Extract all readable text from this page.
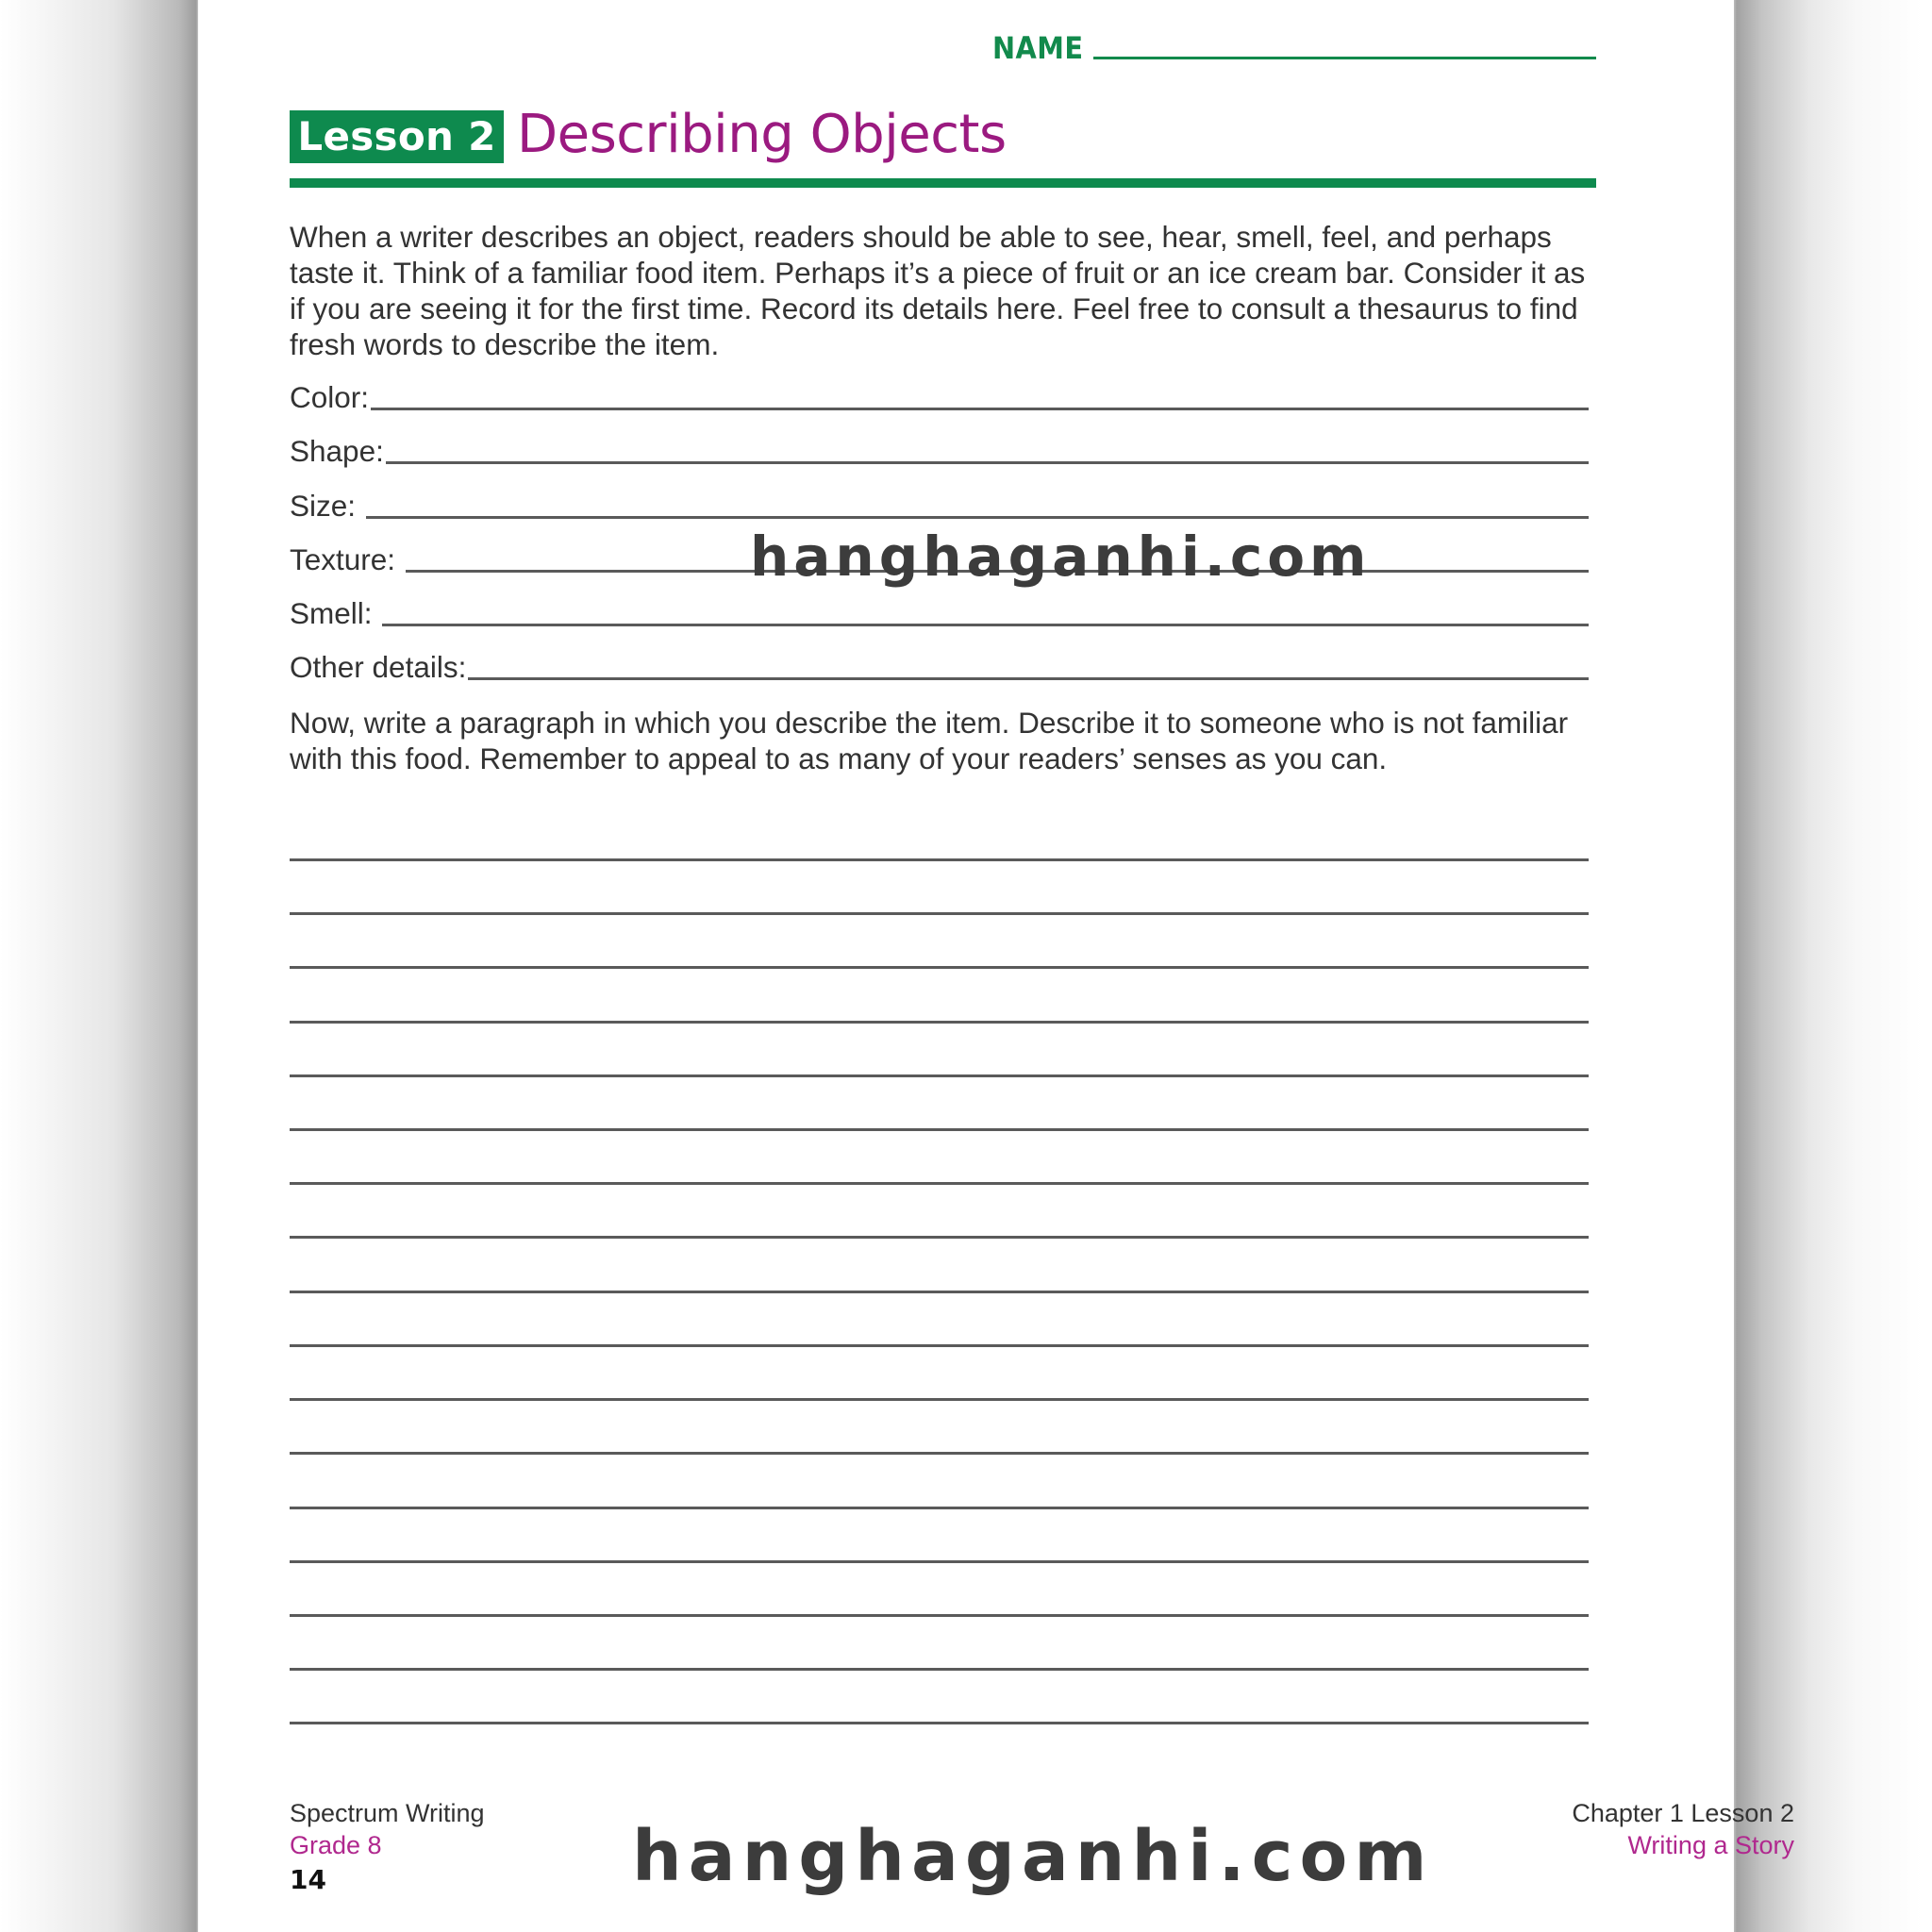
NAME
Lesson 2 Describing Objects
When a writer describes an object, readers should be able to see, hear, smell, feel, and perhaps taste it. Think of a familiar food item. Perhaps it’s a piece of fruit or an ice cream bar. Consider it as if you are seeing it for the first time. Record its details here. Feel free to consult a thesaurus to find fresh words to describe the item.
Color:
Shape:
Size:
Texture:
Smell:
Other details:
Now, write a paragraph in which you describe the item. Describe it to someone who is not familiar with this food. Remember to appeal to as many of your readers’ senses as you can.
Spectrum Writing
Grade 8
14
Chapter 1 Lesson 2
Writing a Story
hanghaganhi.com
hanghaganhi.com
